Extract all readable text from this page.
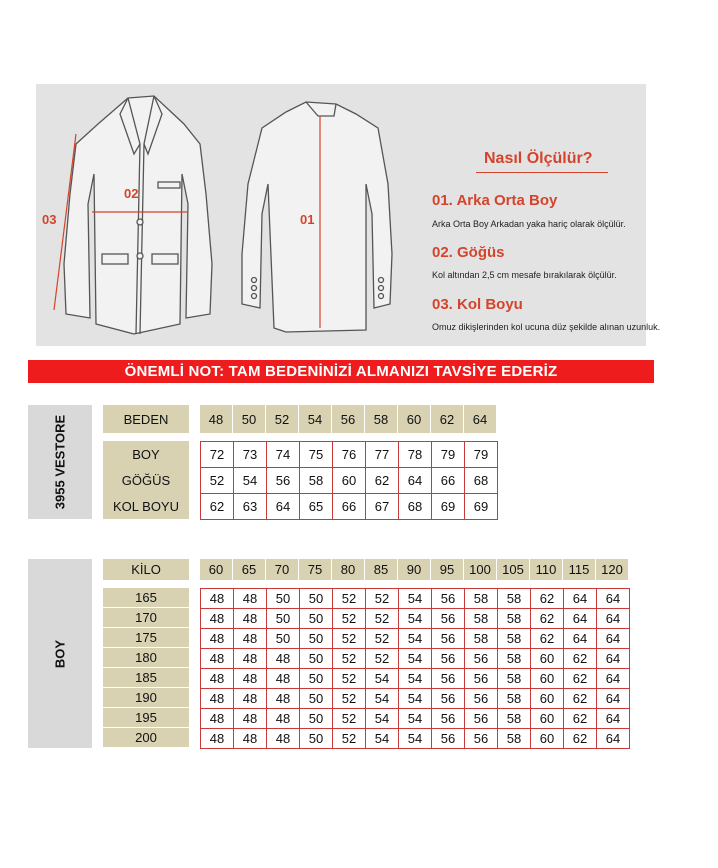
03
02
01
Nasıl Ölçülür?
01. Arka Orta Boy
Arka Orta Boy Arkadan yaka hariç olarak ölçülür.
02. Göğüs
Kol altından 2,5 cm mesafe bırakılarak ölçülür.
03. Kol Boyu
Omuz dikişlerinden kol ucuna düz şekilde alınan uzunluk.
ÖNEMLİ NOT: TAM BEDENİNİZİ ALMANIZI TAVSİYE EDERİZ
3955 VESTORE	BEDEN	48	50	52	54	56	58	60	62	64
BOY	72	73	74	75	76	77	78	79	79
GÖĞÜS	52	54	56	58	60	62	64	66	68
KOL BOYU	62	63	64	65	66	67	68	69	69
BOY
KİLO	60	65	70	75	80	85	90	95	100 105 110 115 120
165	48	48	50	50	52	52	54	56	58	58	62	64	64
170	48	48	50	50	52	52	54	56	58	58	62	64	64
175	48	48	50	50	52	52	54	56	58	58	62	64	64
180	48	48	48	50	52	52	54	56	56	58	60	62	64
185	48	48	48	50	52	54	54	56	56	58	60	62	64
190	48	48	48	50	52	54	54	56	56	58	60	62	64
195	48	48	48	50	52	54	54	56	56	58	60	62	64
200	48	48	48	50	52	54	54	56	56	58	60	62	64
